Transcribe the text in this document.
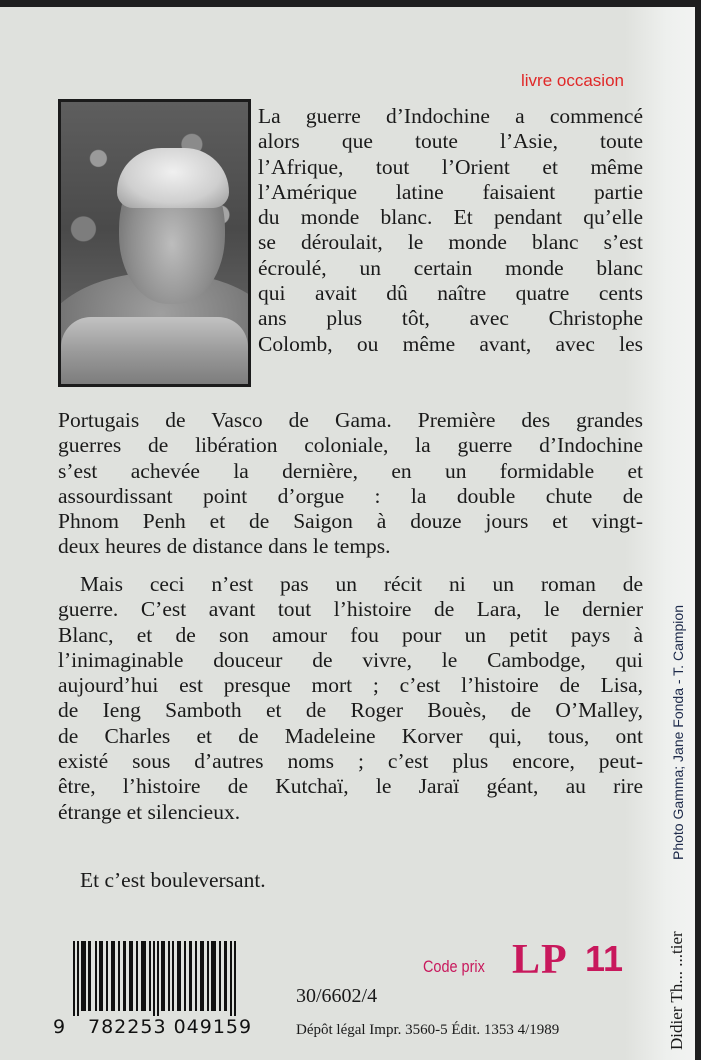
livre occasion

La guerre d’Indochine a commencé

alors que toute l’Asie, toute

l’Afrique, tout l’Orient et même

l’Amérique latine faisaient partie

du monde blanc. Et pendant qu’elle

se déroulait, le monde blanc s’est

écroulé, un certain monde blanc

qui avait dû naître quatre cents

ans plus tôt, avec Christophe

Colomb, ou même avant, avec les

Portugais de Vasco de Gama. Première des grandes

guerres de libération coloniale, la guerre d’Indochine

s’est achevée la dernière, en un formidable et

assourdissant point d’orgue : la double chute de

Phnom Penh et de Saigon à douze jours et vingt-

deux heures de distance dans le temps.

Mais ceci n’est pas un récit ni un roman de

guerre. C’est avant tout l’histoire de Lara, le dernier

Blanc, et de son amour fou pour un petit pays à

l’inimaginable douceur de vivre, le Cambodge, qui

aujourd’hui est presque mort ; c’est l’histoire de Lisa,

de Ieng Samboth et de Roger Bouès, de O’Malley,

de Charles et de Madeleine Korver qui, tous, ont

existé sous d’autres noms ; c’est plus encore, peut-

être, l’histoire de Kutchaï, le Jaraï géant, au rire

étrange et silencieux.

Et c’est bouleversant.

9 782253 049159
Code prix LP 11
30/6602/4
Dépôt légal Impr. 3560-5 Édit. 1353 4/1989
Photo Gamma; Jane Fonda - T. Campion
Didier Th... ...tier
